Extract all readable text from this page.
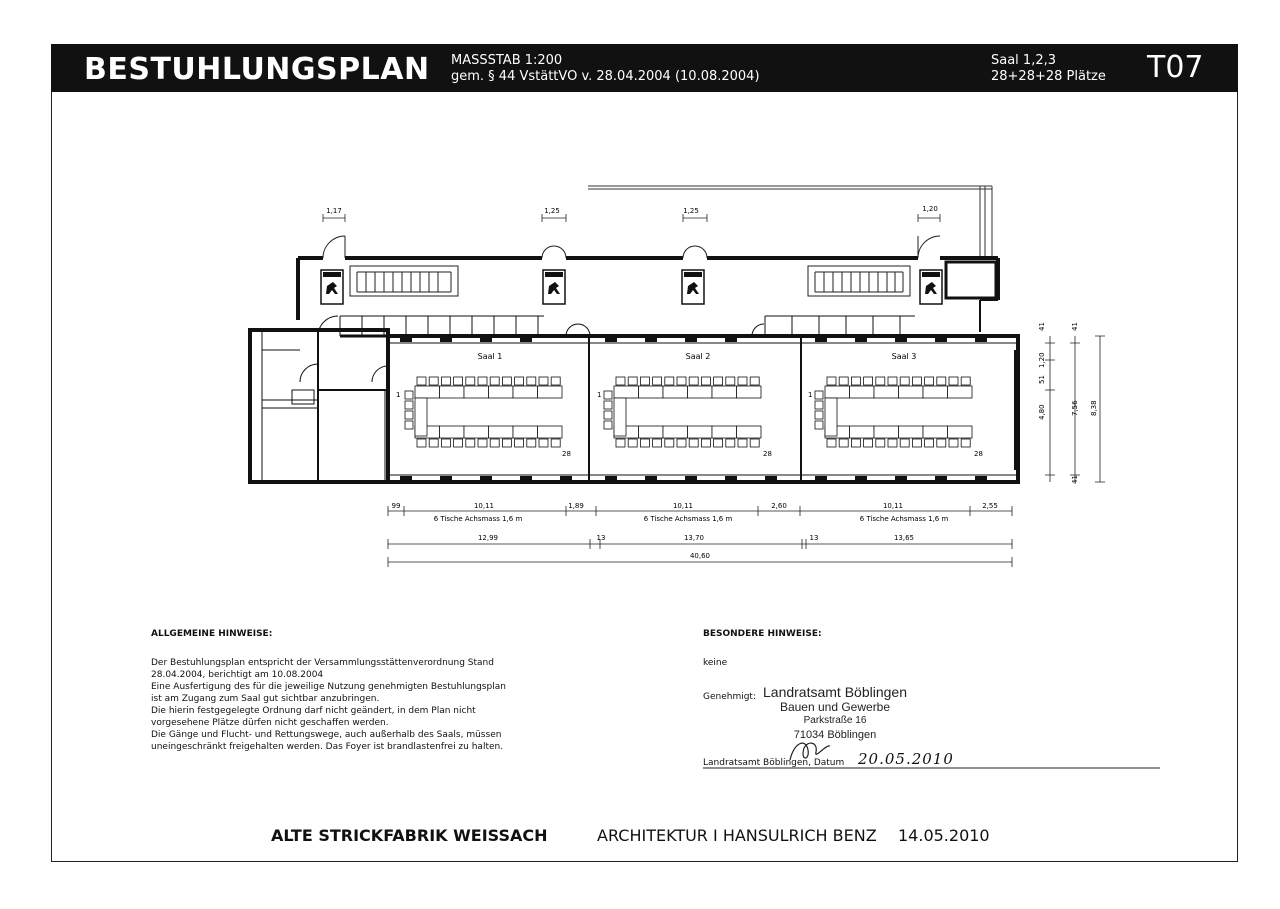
BESTUHLUNGSPLAN MASSSTAB 1:200
gem. § 44 VstättVO v. 28.04.2004 (10.08.2004)
Saal 1,2,3
28+28+28 Plätze T07
Saal 1	Saal 2	Saal 3
1
28
1
28
1
28
1,17	1,25	1,25	1,20
99	10,11	1,89	10,11	2,60	10,11	2,55
6 Tische Achsmass 1,6 m	6 Tische Achsmass 1,6 m	6 Tische Achsmass 1,6 m
12,99	13	13,70	13	13,65
40,60
41
51
1,20
4,80
41
7,56 8,38
41
ALLGEMEINE HINWEISE:
Der Bestuhlungsplan entspricht der Versammlungsstättenverordnung Stand
28.04.2004, berichtigt am 10.08.2004
Eine Ausfertigung des für die jeweilige Nutzung genehmigten Bestuhlungsplan
ist am Zugang zum Saal gut sichtbar anzubringen.
Die hierin festgegelegte Ordnung darf nicht geändert, in dem Plan nicht
vorgesehene Plätze dürfen nicht geschaffen werden.
Die Gänge und Flucht- und Rettungswege, auch außerhalb des Saals, müssen
uneingeschränkt freigehalten werden. Das Foyer ist brandlastenfrei zu halten.
BESONDERE HINWEISE:
keine
Genehmigt: Landratsamt Böblingen
Bauen und Gewerbe
Parkstraße 16
71034 Böblingen
Landratsamt Böblingen, Datum 20.05.2010
ALTE STRICKFABRIK WEISSACH	ARCHITEKTUR I HANSULRICH BENZ 14.05.2010
